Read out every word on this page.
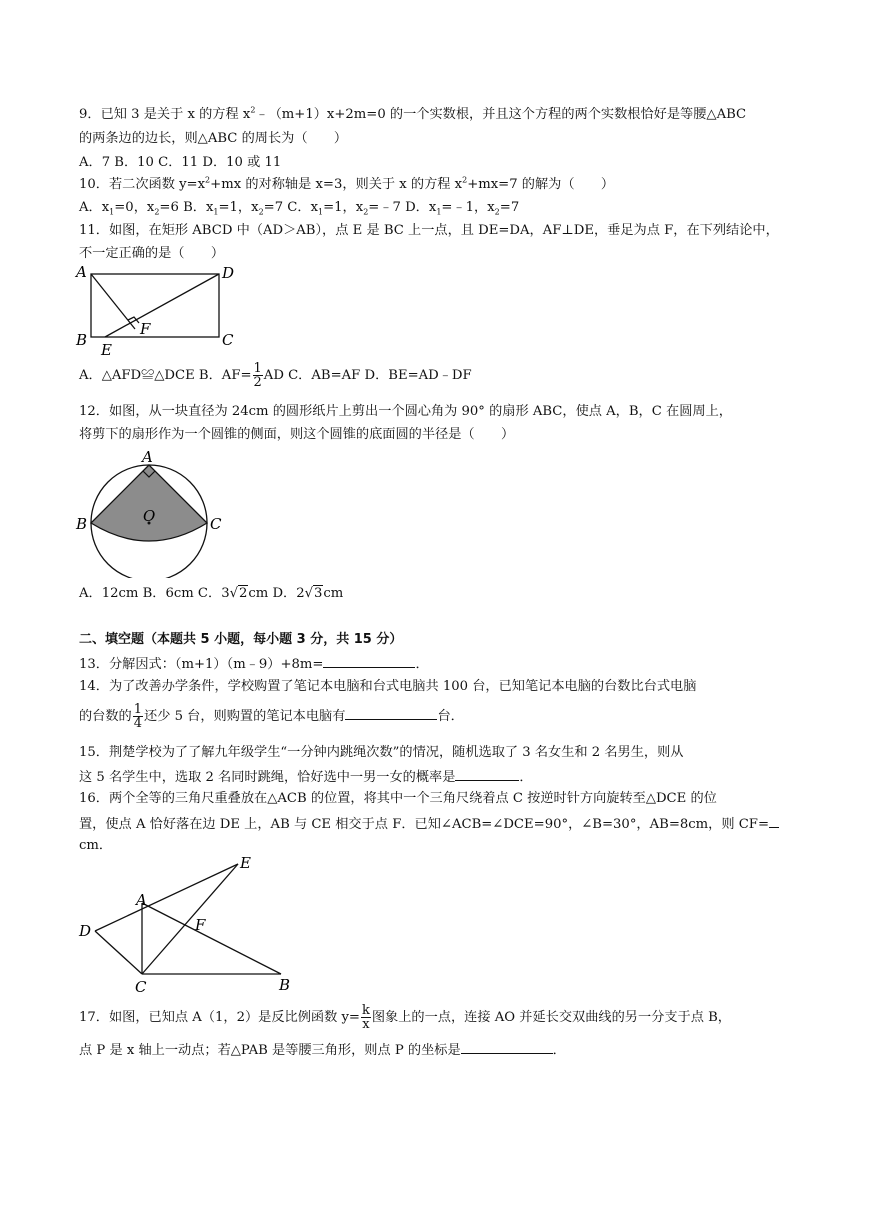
9．已知 3 是关于 x 的方程 $x^2﹣(m+1)x+2m=0$ 的一个实数根，并且这个方程的两个实数根恰好是等腰△ABC
的两条边的边长，则△ABC 的周长为（　　）
A．7 B．10 C．11 D．10 或 11
10．若二次函数 $y=x^2+mx$ 的对称轴是 x=3，则关于 x 的方程 $x^2+mx=7$ 的解为（　　）
A．$x_1=0$，$x_2=6$ B．$x_1=1$，$x_2=7$ C．$x_1=1$，$x_2=﹣7$ D．$x_1=﹣1$，$x_2=7$
11．如图，在矩形 ABCD 中（AD＞AB），点 E 是 BC 上一点，且 DE=DA，AF⊥DE，垂足为点 F，在下列结论中，
不一定正确的是（　　）
A	D
B	C
E
F
A．△AFD≌△DCE B．$AF= \frac{1}{2}$ AD C．AB=AF D．BE=AD﹣DF
12．如图，从一块直径为 24cm 的圆形纸片上剪出一个圆心角为 90° 的扇形 ABC，使点 A，B，C 在圆周上，
将剪下的扇形作为一个圆锥的侧面，则这个圆锥的底面圆的半径是（　　）
A
B	C
O
A．12cm B．6cm C．3√2cm D．2√3cm
二、填空题（本题共 5 小题，每小题 3 分，共 15 分）
13．分解因式：（m+1）（m﹣9）+8m=	．
14．为了改善办学条件，学校购置了笔记本电脑和台式电脑共 100 台，已知笔记本电脑的台数比台式电脑
的台数的 $\frac{1}{4}$ 还少 5 台，则购置的笔记本电脑有	台．
15．荆楚学校为了了解九年级学生“一分钟内跳绳次数”的情况，随机选取了 3 名女生和 2 名男生，则从
这 5 名学生中，选取 2 名同时跳绳，恰好选中一男一女的概率是	．
16．两个全等的三角尺重叠放在△ACB 的位置，将其中一个三角尺绕着点 C 按逆时针方向旋转至△DCE 的位
置，使点 A 恰好落在边 DE 上，AB 与 CE 相交于点 F．已知∠ACB=∠DCE=90°，∠B=30°，AB=8cm，则 CF=
cm．
A
D
E
F
C	B
17．如图，已知点 A（1，2）是反比例函数 $y= \frac{k}{x}$ 图象上的一点，连接 AO 并延长交双曲线的另一分支于点 B，
点 P 是 x 轴上一动点；若△PAB 是等腰三角形，则点 P 的坐标是	．
